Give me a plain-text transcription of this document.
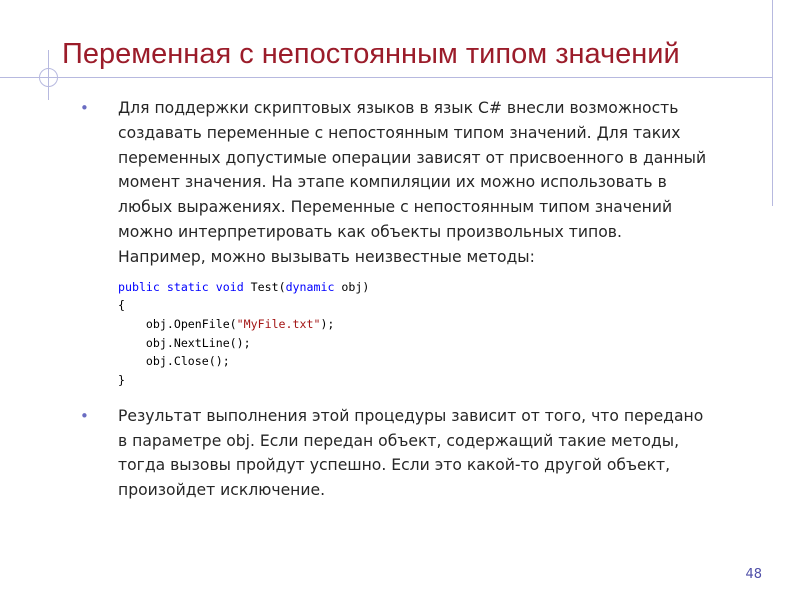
Переменная с непостоянным типом значений
• Для поддержки скриптовых языков в язык C# внесли возможность
создавать переменные с непостоянным типом значений. Для таких
переменных допустимые операции зависят от присвоенного в данный
момент значения. На этапе компиляции их можно использовать в
любых выражениях. Переменные с непостоянным типом значений
можно интерпретировать как объекты произвольных типов.
Например, можно вызывать неизвестные методы:
public static void Test(dynamic obj)
{
obj.OpenFile("MyFile.txt");
obj.NextLine();
obj.Close();
}
• Результат выполнения этой процедуры зависит от того, что передано
в параметре obj. Если передан объект, содержащий такие методы,
тогда вызовы пройдут успешно. Если это какой-то другой объект,
произойдет исключение.
48
